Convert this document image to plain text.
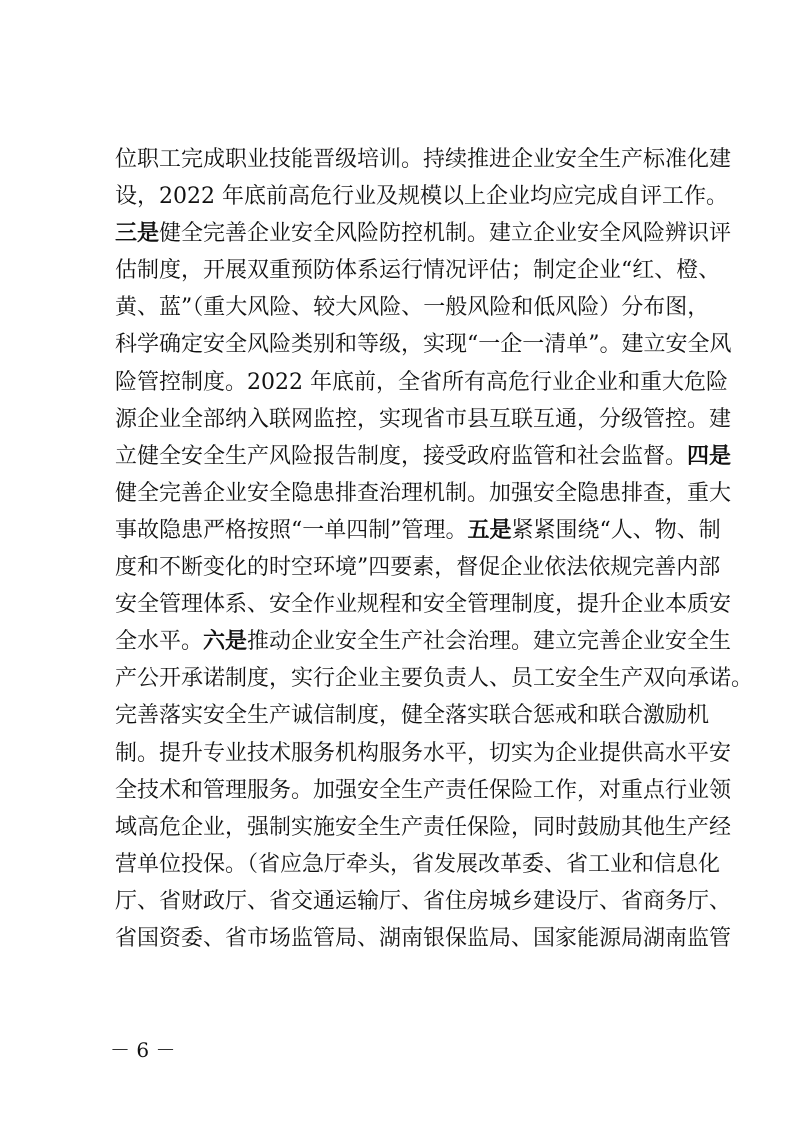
位职工完成职业技能晋级培训。持续推进企业安全生产标准化建
设，2022 年底前高危行业及规模以上企业均应完成自评工作。
三是健全完善企业安全风险防控机制。建立企业安全风险辨识评
估制度，开展双重预防体系运行情况评估；制定企业“红、橙、
黄、蓝”（重大风险、较大风险、一般风险和低风险）分布图，
科学确定安全风险类别和等级，实现“一企一清单”。建立安全风
险管控制度。2022 年底前，全省所有高危行业企业和重大危险
源企业全部纳入联网监控，实现省市县互联互通，分级管控。建
立健全安全生产风险报告制度，接受政府监管和社会监督。四是
健全完善企业安全隐患排查治理机制。加强安全隐患排查，重大
事故隐患严格按照“一单四制”管理。五是紧紧围绕“人、物、制
度和不断变化的时空环境”四要素，督促企业依法依规完善内部
安全管理体系、安全作业规程和安全管理制度，提升企业本质安
全水平。六是推动企业安全生产社会治理。建立完善企业安全生
产公开承诺制度，实行企业主要负责人、员工安全生产双向承诺。
完善落实安全生产诚信制度，健全落实联合惩戒和联合激励机
制。提升专业技术服务机构服务水平，切实为企业提供高水平安
全技术和管理服务。加强安全生产责任保险工作，对重点行业领
域高危企业，强制实施安全生产责任保险，同时鼓励其他生产经
营单位投保。（省应急厅牵头，省发展改革委、省工业和信息化
厅、省财政厅、省交通运输厅、省住房城乡建设厅、省商务厅、
省国资委、省市场监管局、湖南银保监局、国家能源局湖南监管
－ 6 －
